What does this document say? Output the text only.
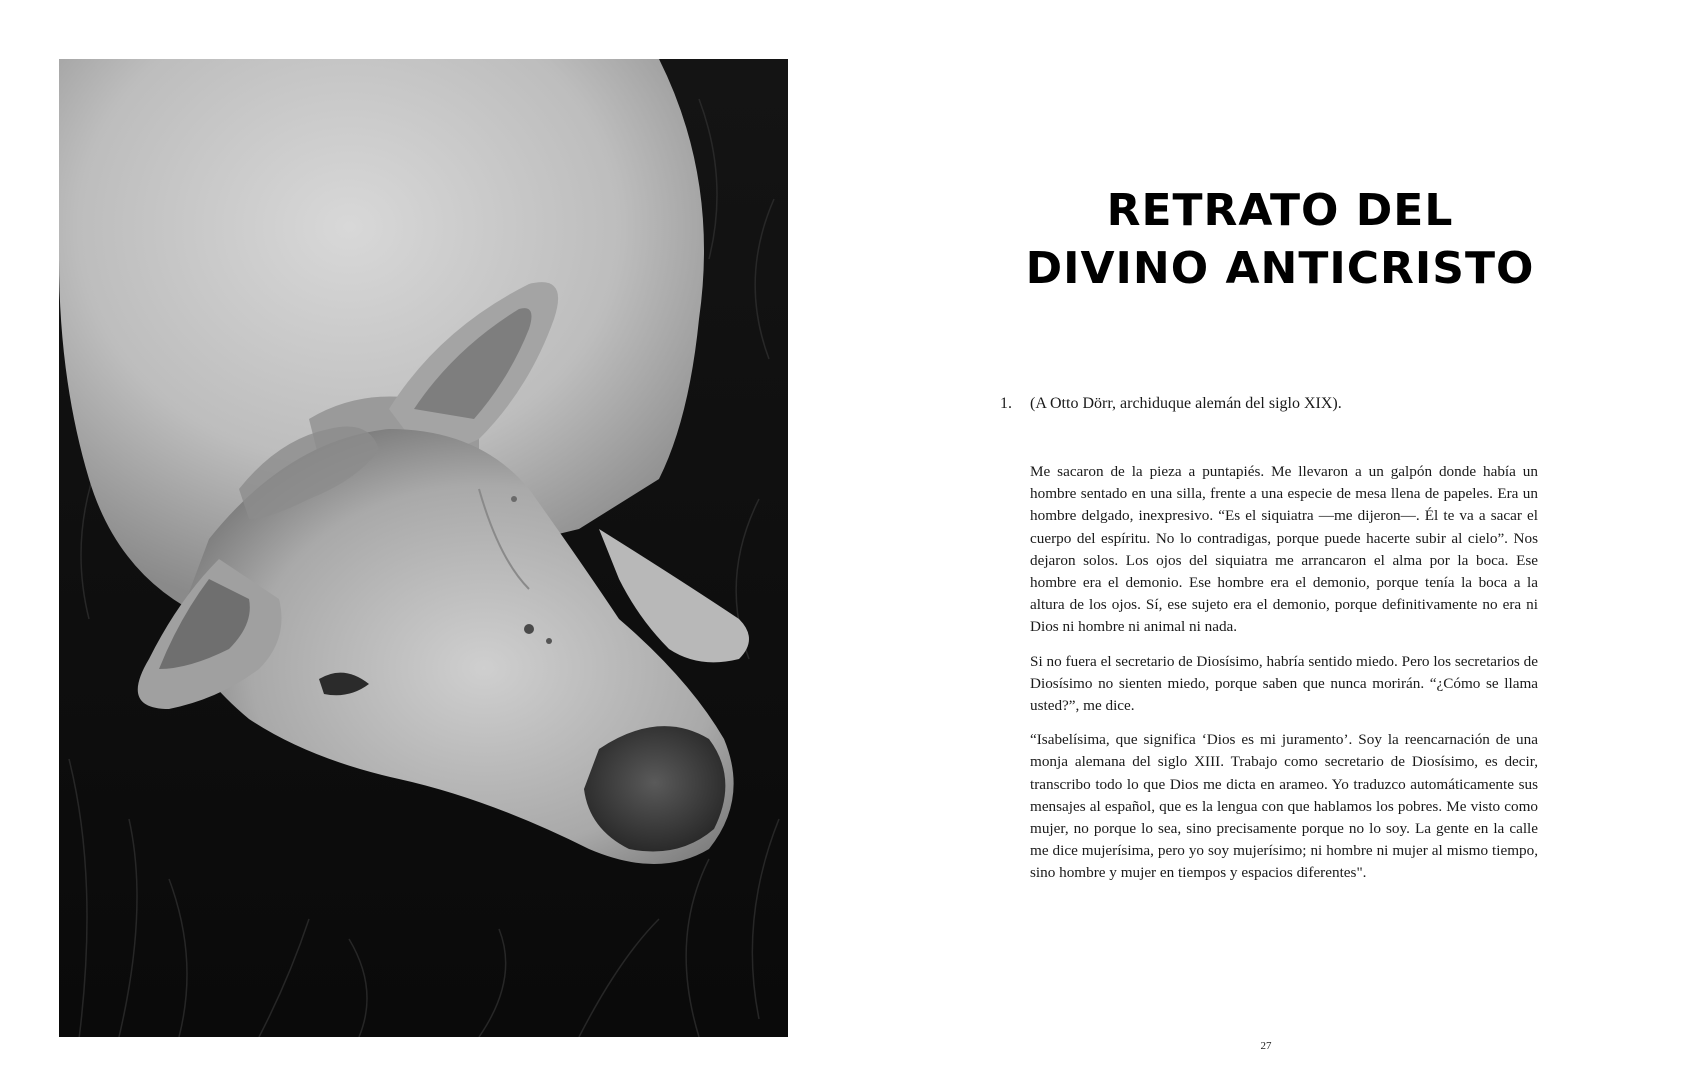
RETRATO DEL
DIVINO ANTICRISTO
1. (A Otto Dörr, archiduque alemán del siglo XIX).

Me sacaron de la pieza a puntapiés. Me llevaron a un galpón donde había un hombre sentado en una silla, frente a una especie de mesa llena de papeles. Era un hombre delgado, inexpresivo. “Es el siquiatra —me dijeron—. Él te va a sacar el cuerpo del espíritu. No lo contradigas, porque puede hacerte subir al cielo”. Nos dejaron solos. Los ojos del siquiatra me arrancaron el alma por la boca. Ese hombre era el demonio. Ese hombre era el demonio, porque tenía la boca a la altura de los ojos. Sí, ese sujeto era el demonio, porque definitivamente no era ni Dios ni hombre ni animal ni nada.

Si no fuera el secretario de Diosísimo, habría sentido miedo. Pero los secretarios de Diosísimo no sienten miedo, porque saben que nunca morirán. “¿Cómo se llama usted?”, me dice.

“Isabelísima, que significa ‘Dios es mi juramento’. Soy la reencarnación de una monja alemana del siglo XIII. Trabajo como secretario de Diosísimo, es decir, transcribo todo lo que Dios me dicta en arameo. Yo traduzco automáticamente sus mensajes al español, que es la lengua con que hablamos los pobres. Me visto como mujer, no porque lo sea, sino precisamente porque no lo soy. La gente en la calle me dice mujerísima, pero yo soy mujerísimo; ni hombre ni mujer al mismo tiempo, sino hombre y mujer en tiempos y espacios diferentes".

27
